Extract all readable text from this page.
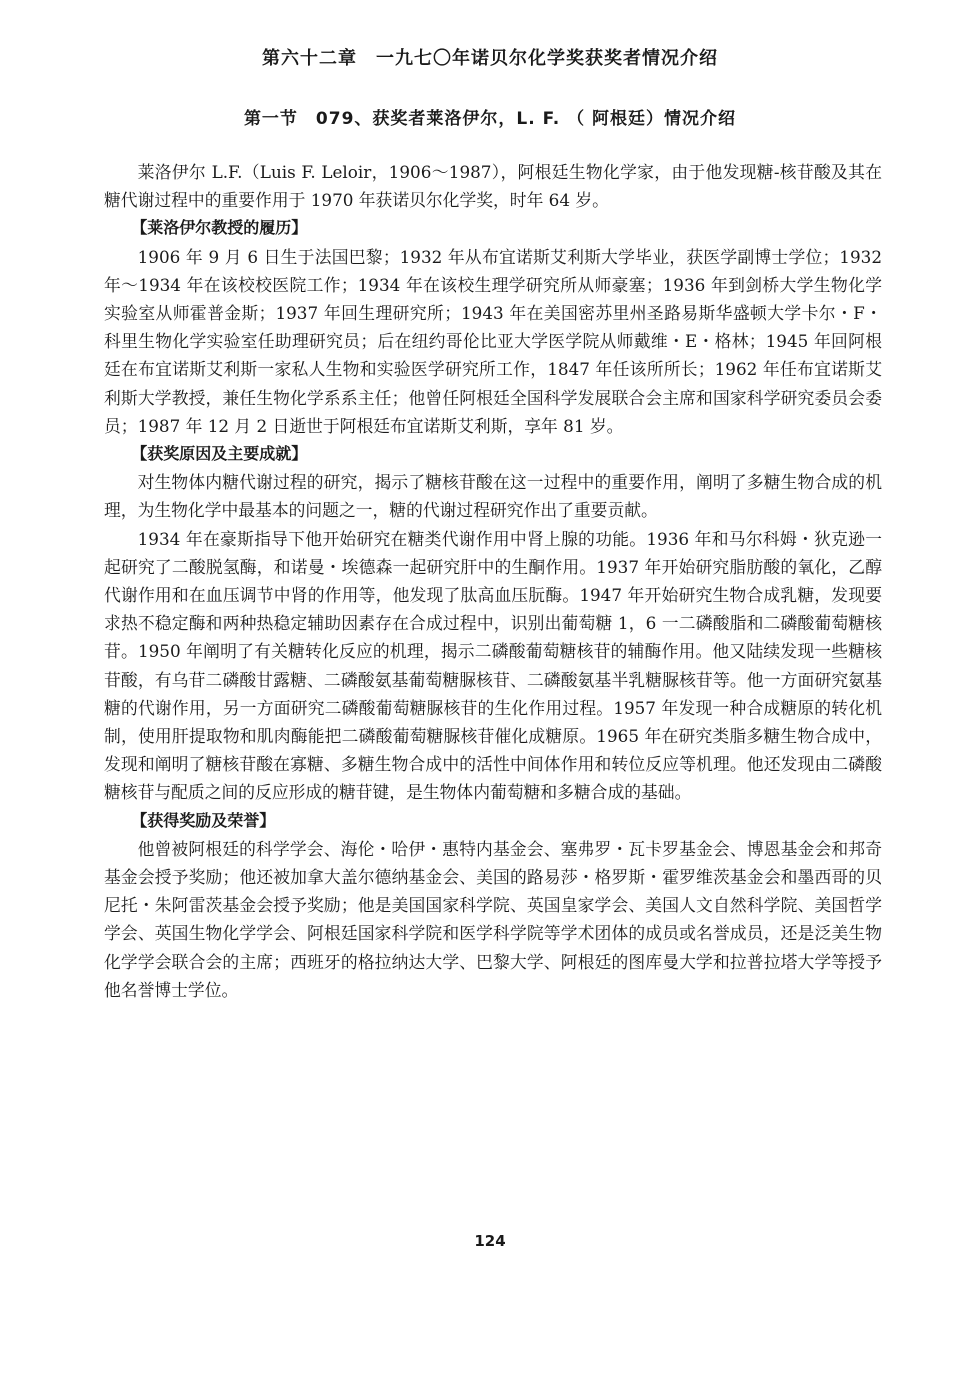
第六十二章　一九七〇年诺贝尔化学奖获奖者情况介绍
第一节　079、获奖者莱洛伊尔，L. F. （ 阿根廷）情况介绍

莱洛伊尔 L.F.（Luis F. Leloir，1906～1987），阿根廷生物化学家，由于他发现糖-核苷酸及其在糖代谢过程中的重要作用于 1970 年获诺贝尔化学奖，时年 64 岁。

【莱洛伊尔教授的履历】

1906 年 9 月 6 日生于法国巴黎；1932 年从布宜诺斯艾利斯大学毕业，获医学副博士学位；1932 年～1934 年在该校校医院工作；1934 年在该校生理学研究所从师豪塞；1936 年到剑桥大学生物化学实验室从师霍普金斯；1937 年回生理研究所；1943 年在美国密苏里州圣路易斯华盛顿大学卡尔・F・科里生物化学实验室任助理研究员；后在纽约哥伦比亚大学医学院从师戴维・E・格林；1945 年回阿根廷在布宜诺斯艾利斯一家私人生物和实验医学研究所工作，1847 年任该所所长；1962 年任布宜诺斯艾利斯大学教授，兼任生物化学系系主任；他曾任阿根廷全国科学发展联合会主席和国家科学研究委员会委员；1987 年 12 月 2 日逝世于阿根廷布宜诺斯艾利斯，享年 81 岁。

【获奖原因及主要成就】

对生物体内糖代谢过程的研究，揭示了糖核苷酸在这一过程中的重要作用，阐明了多糖生物合成的机理，为生物化学中最基本的问题之一，糖的代谢过程研究作出了重要贡献。

1934 年在豪斯指导下他开始研究在糖类代谢作用中肾上腺的功能。1936 年和马尔科姆・狄克逊一起研究了二酸脱氢酶，和诺曼・埃德森一起研究肝中的生酮作用。1937 年开始研究脂肪酸的氧化，乙醇代谢作用和在血压调节中肾的作用等，他发现了肽高血压朊酶。1947 年开始研究生物合成乳糖，发现要求热不稳定酶和两种热稳定辅助因素存在合成过程中，识别出葡萄糖 1，6 一二磷酸脂和二磷酸葡萄糖核苷。1950 年阐明了有关糖转化反应的机理，揭示二磷酸葡萄糖核苷的辅酶作用。他又陆续发现一些糖核苷酸，有乌苷二磷酸甘露糖、二磷酸氨基葡萄糖脲核苷、二磷酸氨基半乳糖脲核苷等。他一方面研究氨基糖的代谢作用，另一方面研究二磷酸葡萄糖脲核苷的生化作用过程。1957 年发现一种合成糖原的转化机制，使用肝提取物和肌肉酶能把二磷酸葡萄糖脲核苷催化成糖原。1965 年在研究类脂多糖生物合成中，发现和阐明了糖核苷酸在寡糖、多糖生物合成中的活性中间体作用和转位反应等机理。他还发现由二磷酸糖核苷与配质之间的反应形成的糖苷键，是生物体内葡萄糖和多糖合成的基础。

【获得奖励及荣誉】

他曾被阿根廷的科学学会、海伦・哈伊・惠特内基金会、塞弗罗・瓦卡罗基金会、博恩基金会和邦奇基金会授予奖励；他还被加拿大盖尔德纳基金会、美国的路易莎・格罗斯・霍罗维茨基金会和墨西哥的贝尼托・朱阿雷茨基金会授予奖励；他是美国国家科学院、英国皇家学会、美国人文自然科学院、美国哲学学会、英国生物化学学会、阿根廷国家科学院和医学科学院等学术团体的成员或名誉成员，还是泛美生物化学学会联合会的主席；西班牙的格拉纳达大学、巴黎大学、阿根廷的图库曼大学和拉普拉塔大学等授予他名誉博士学位。

124
